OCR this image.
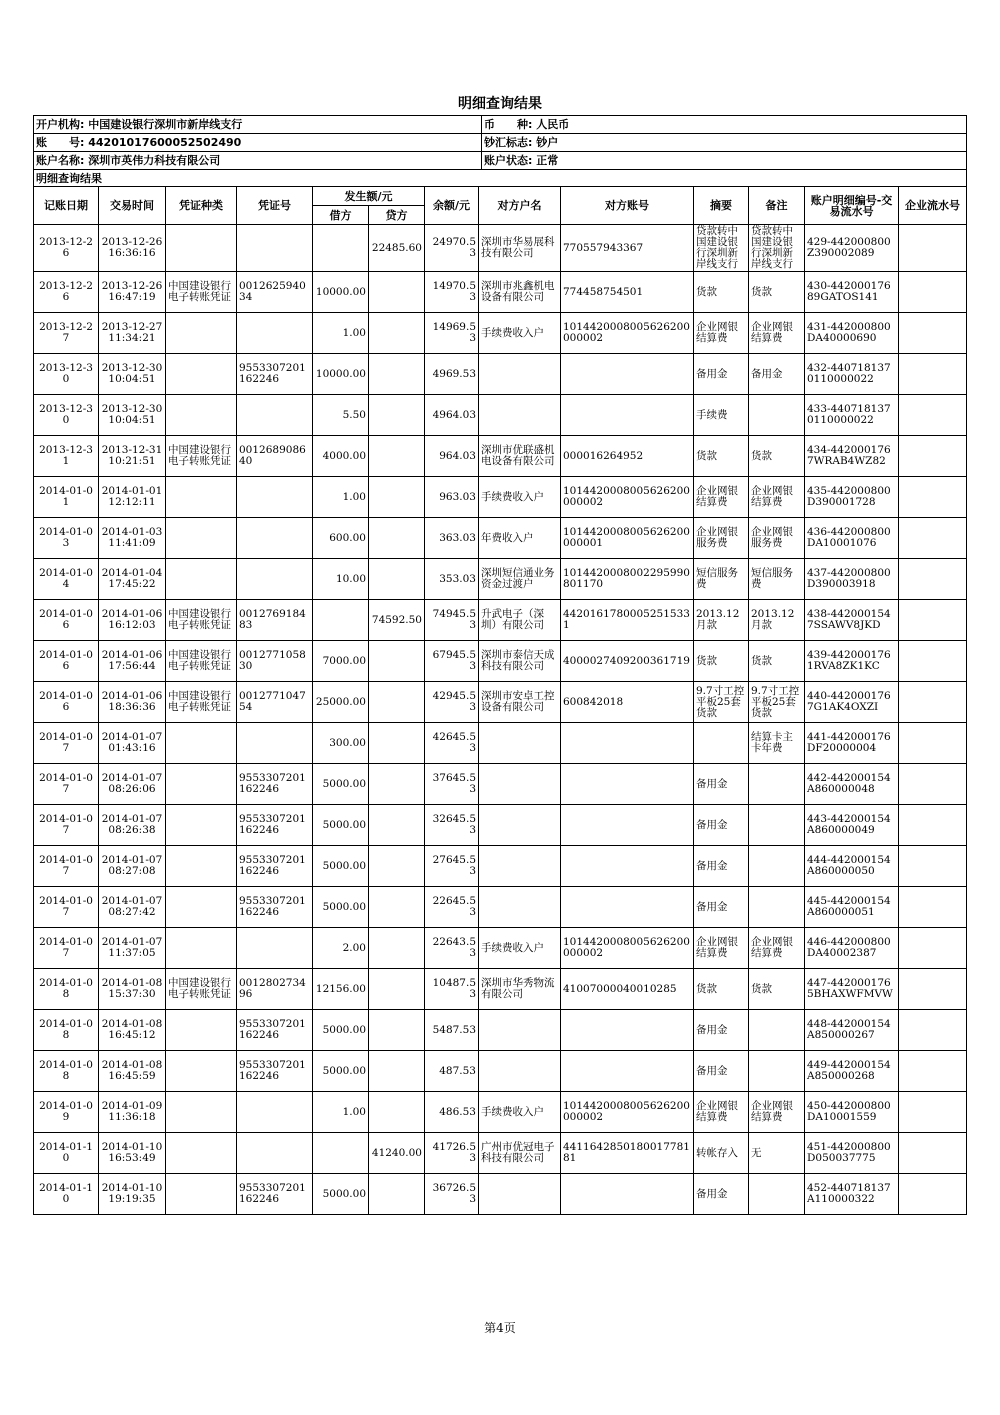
明细查询结果
开户机构: 中国建设银行深圳市新岸线支行	币　　种: 人民币
账　　号: 44201017600052502490	钞汇标志: 钞户
账户名称: 深圳市英伟力科技有限公司	账户状态: 正常
明细查询结果	
记账日期	交易时间	凭证种类	凭证号	发生额/元		余额/元	对方户名	对方账号	摘要	备注	账户明细编号-交易流水号	企业流水号
				借方	贷方							
2013-12-26	2013-12-26 16:36:16				22485.60	24970.53	深圳市华易展科技有限公司	770557943367	贷款转中国建设银行深圳新岸线支行	贷款转中国建设银行深圳新岸线支行	429-442000800Z390002089	
2013-12-26	2013-12-26 16:47:19	中国建设银行电子转账凭证	001262594034	10000.00		14970.53	深圳市兆鑫机电设备有限公司	774458754501	货款	货款	430-44200017689GATOS141	
2013-12-27	2013-12-27 11:34:21			1.00		14969.53	手续费收入户	1014420008005626200000002	企业网银结算费	企业网银结算费	431-442000800DA40000690	
2013-12-30	2013-12-30 10:04:51		9553307201162246	10000.00		4969.53			备用金	备用金	432-4407181370110000022	
2013-12-30	2013-12-30 10:04:51			5.50		4964.03			手续费		433-4407181370110000022	
2013-12-31	2013-12-31 10:21:51	中国建设银行电子转账凭证	001268908640	4000.00		964.03	深圳市优联盛机电设备有限公司	000016264952	货款	货款	434-4420001767WRAB4WZ82	
2014-01-01	2014-01-01 12:12:11			1.00		963.03	手续费收入户	1014420008005626200000002	企业网银结算费	企业网银结算费	435-442000800D390001728	
2014-01-03	2014-01-03 11:41:09			600.00		363.03	年费收入户	1014420008005626200000001	企业网银服务费	企业网银服务费	436-442000800DA10001076	
2014-01-04	2014-01-04 17:45:22			10.00		353.03	深圳短信通业务资金过渡户	1014420008002295990801170	短信服务费	短信服务费	437-442000800D390003918	
2014-01-06	2014-01-06 16:12:03	中国建设银行电子转账凭证	001276918483		74592.50	74945.53	升武电子（深圳）有限公司	44201617800052515331	2013.12月款	2013.12月款	438-4420001547SSAWV8JKD	
2014-01-06	2014-01-06 17:56:44	中国建设银行电子转账凭证	001277105830	7000.00		67945.53	深圳市泰信天成科技有限公司	4000027409200361719	货款	货款	439-4420001761RVA8ZK1KC	
2014-01-06	2014-01-06 18:36:36	中国建设银行电子转账凭证	001277104754	25000.00		42945.53	深圳市安卓工控设备有限公司	600842018	9.7寸工控平板25套货款	9.7寸工控平板25套货款	440-4420001767G1AK4OXZI	
2014-01-07	2014-01-07 01:43:16			300.00		42645.53				结算卡主卡年费	441-442000176DF20000004	
2014-01-07	2014-01-07 08:26:06		9553307201162246	5000.00		37645.53			备用金		442-442000154A860000048	
2014-01-07	2014-01-07 08:26:38		9553307201162246	5000.00		32645.53			备用金		443-442000154A860000049	
2014-01-07	2014-01-07 08:27:08		9553307201162246	5000.00		27645.53			备用金		444-442000154A860000050	
2014-01-07	2014-01-07 08:27:42		9553307201162246	5000.00		22645.53			备用金		445-442000154A860000051	
2014-01-07	2014-01-07 11:37:05			2.00		22643.53	手续费收入户	1014420008005626200000002	企业网银结算费	企业网银结算费	446-442000800DA40002387	
2014-01-08	2014-01-08 15:37:30	中国建设银行电子转账凭证	001280273496	12156.00		10487.53	深圳市华秀物流有限公司	41007000040010285	货款	货款	447-4420001765BHAXWFMVW	
2014-01-08	2014-01-08 16:45:12		9553307201162246	5000.00		5487.53			备用金		448-442000154A850000267	
2014-01-08	2014-01-08 16:45:59		9553307201162246	5000.00		487.53			备用金		449-442000154A850000268	
2014-01-09	2014-01-09 11:36:18			1.00		486.53	手续费收入户	1014420008005626200000002	企业网银结算费	企业网银结算费	450-442000800DA10001559	
2014-01-10	2014-01-10 16:53:49				41240.00	41726.53	广州市优冠电子科技有限公司	44116428501800177818​1	转帐存入	无	451-442000800D050037775	
2014-01-10	2014-01-10 19:19:35		9553307201162246	5000.00		36726.53			备用金		452-440718137A110000322	
第4页
